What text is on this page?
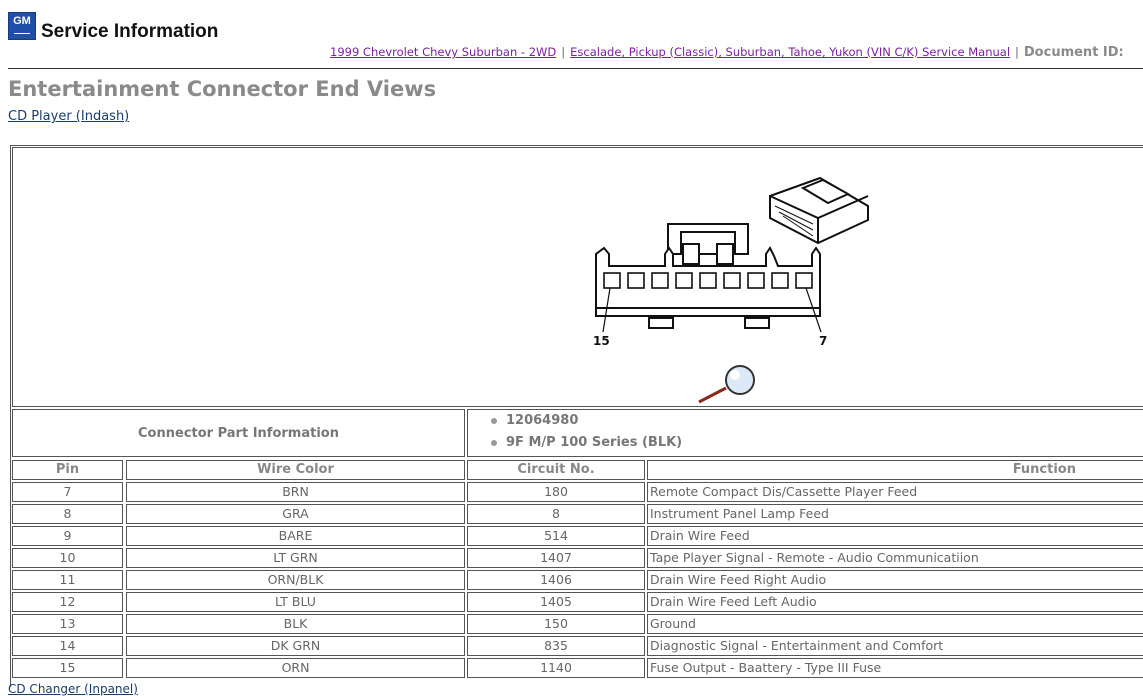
GM Service Information
1999 Chevrolet Chevy Suburban - 2WD | Escalade, Pickup (Classic), Suburban, Tahoe, Yukon (VIN C/K) Service Manual | Document ID:
Entertainment Connector End Views
CD Player (Indash)
15	7
Connector Part Information
12064980
9F M/P 100 Series (BLK)
Pin	Wire Color	Circuit No.	Function
7	BRN	180	Remote Compact Dis/Cassette Player Feed
8	GRA	8	Instrument Panel Lamp Feed
9	BARE	514	Drain Wire Feed
10	LT GRN	1407	Tape Player Signal - Remote - Audio Communicatiion
11	ORN/BLK	1406	Drain Wire Feed Right Audio
12	LT BLU	1405	Drain Wire Feed Left Audio
13	BLK	150	Ground
14	DK GRN	835	Diagnostic Signal - Entertainment and Comfort
15	ORN	1140	Fuse Output - Baattery - Type III Fuse
CD Changer (Inpanel)
